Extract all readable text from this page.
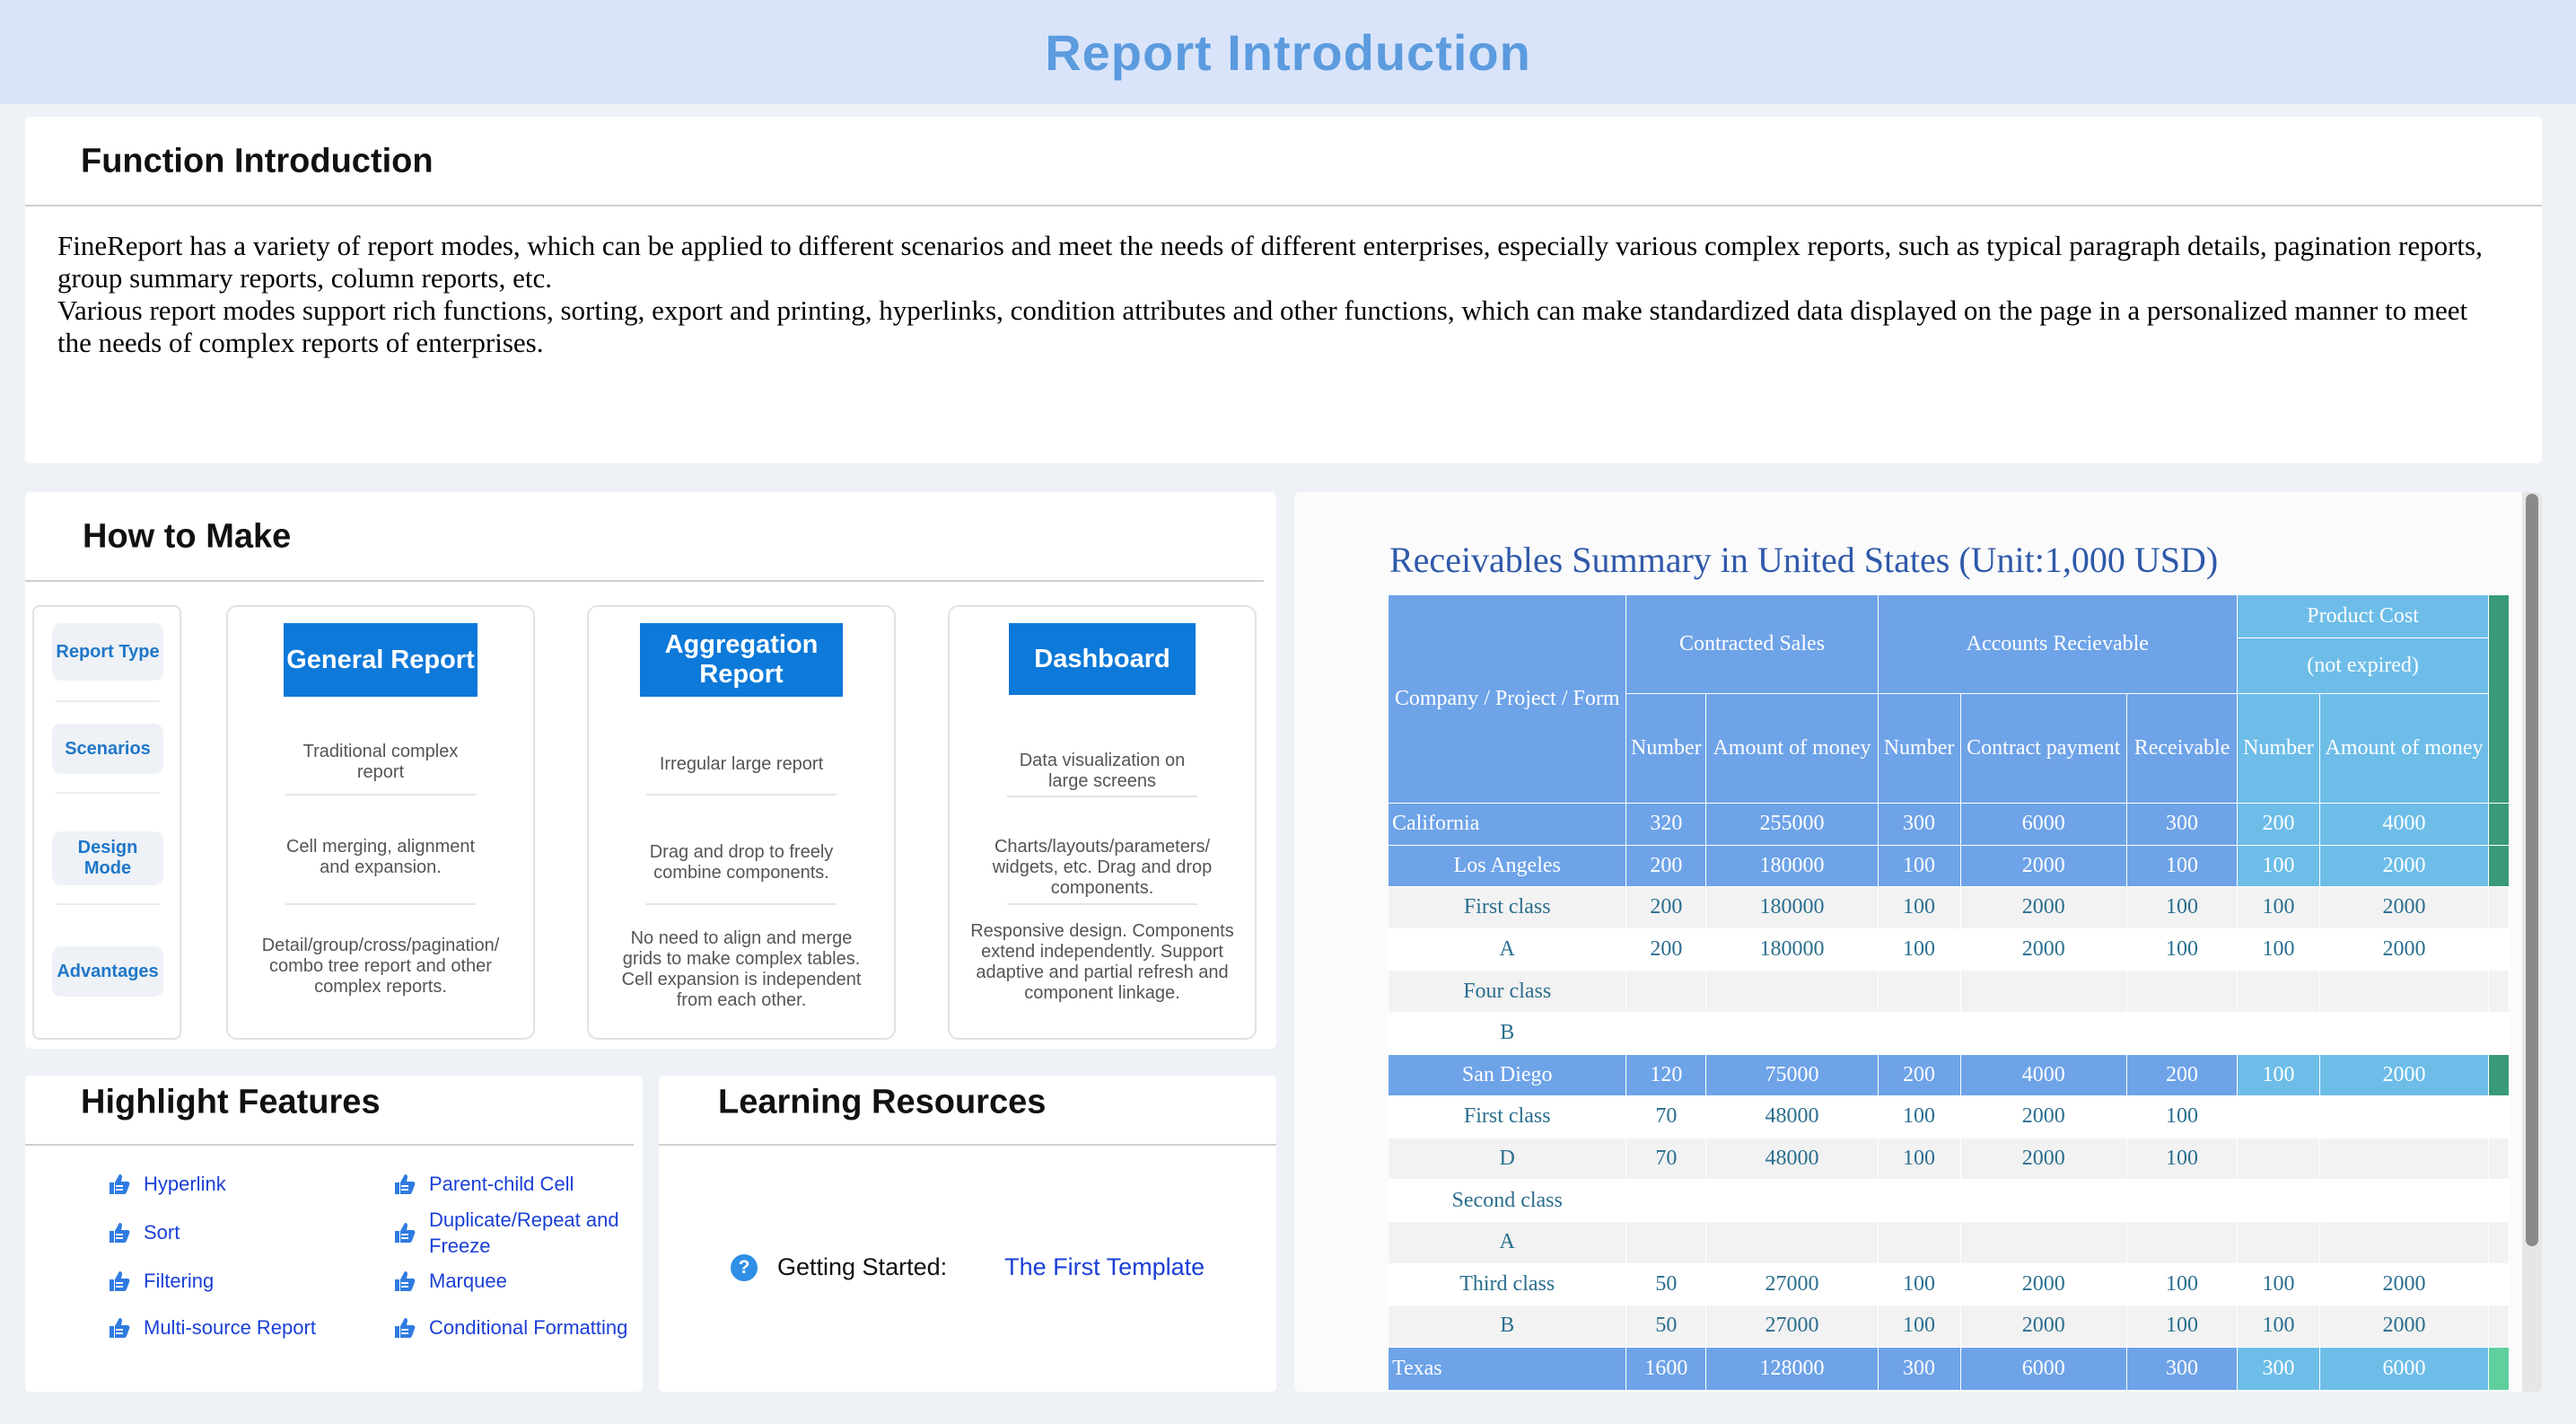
Report Introduction
Function Introduction

FineReport has a variety of report modes, which can be applied to different scenarios and meet the needs of different enterprises, especially various complex reports, such as typical paragraph details, pagination reports, group summary reports, column reports, etc.

Various report modes support rich functions, sorting, export and printing, hyperlinks, condition attributes and other functions, which can make standardized data displayed on the page in a personalized manner to meet the needs of complex reports of enterprises.

How to Make
Report Type
Scenarios
Design Mode
Advantages
General Report
Traditional complex report
Cell merging, alignment and expansion.
Detail/group/cross/pagination/ combo tree report and other complex reports.
Aggregation Report
Irregular large report
Drag and drop to freely combine components.
No need to align and merge grids to make complex tables. Cell expansion is independent from each other.
Dashboard
Data visualization on large screens
Charts/layouts/parameters/ widgets, etc. Drag and drop components.
Responsive design. Components extend independently. Support adaptive and partial refresh and component linkage.
Highlight Features
Hyperlink
Sort
Filtering
Multi-source Report
Parent-child Cell
Duplicate/Repeat and Freeze
Marquee
Conditional Formatting
Learning Resources
?	Getting Started: The First Template
Receivables Summary in United States (Unit:1,000 USD)
Company / Project / Form	Contracted Sales		Accounts Recievable			Product Cost		
						(not expired)		
	Number	Amount of money	Number	Contract payment	Receivable	Number	Amount of money	
California	320	255000	300	6000	300	200	4000	
Los Angeles	200	180000	100	2000	100	100	2000	
First class	200	180000	100	2000	100	100	2000	
A	200	180000	100	2000	100	100	2000	
Four class								
B								
San Diego	120	75000	200	4000	200	100	2000	
First class	70	48000	100	2000	100			
D	70	48000	100	2000	100			
Second class								
A								
Third class	50	27000	100	2000	100	100	2000	
B	50	27000	100	2000	100	100	2000	
Texas	1600	128000	300	6000	300	300	6000	
